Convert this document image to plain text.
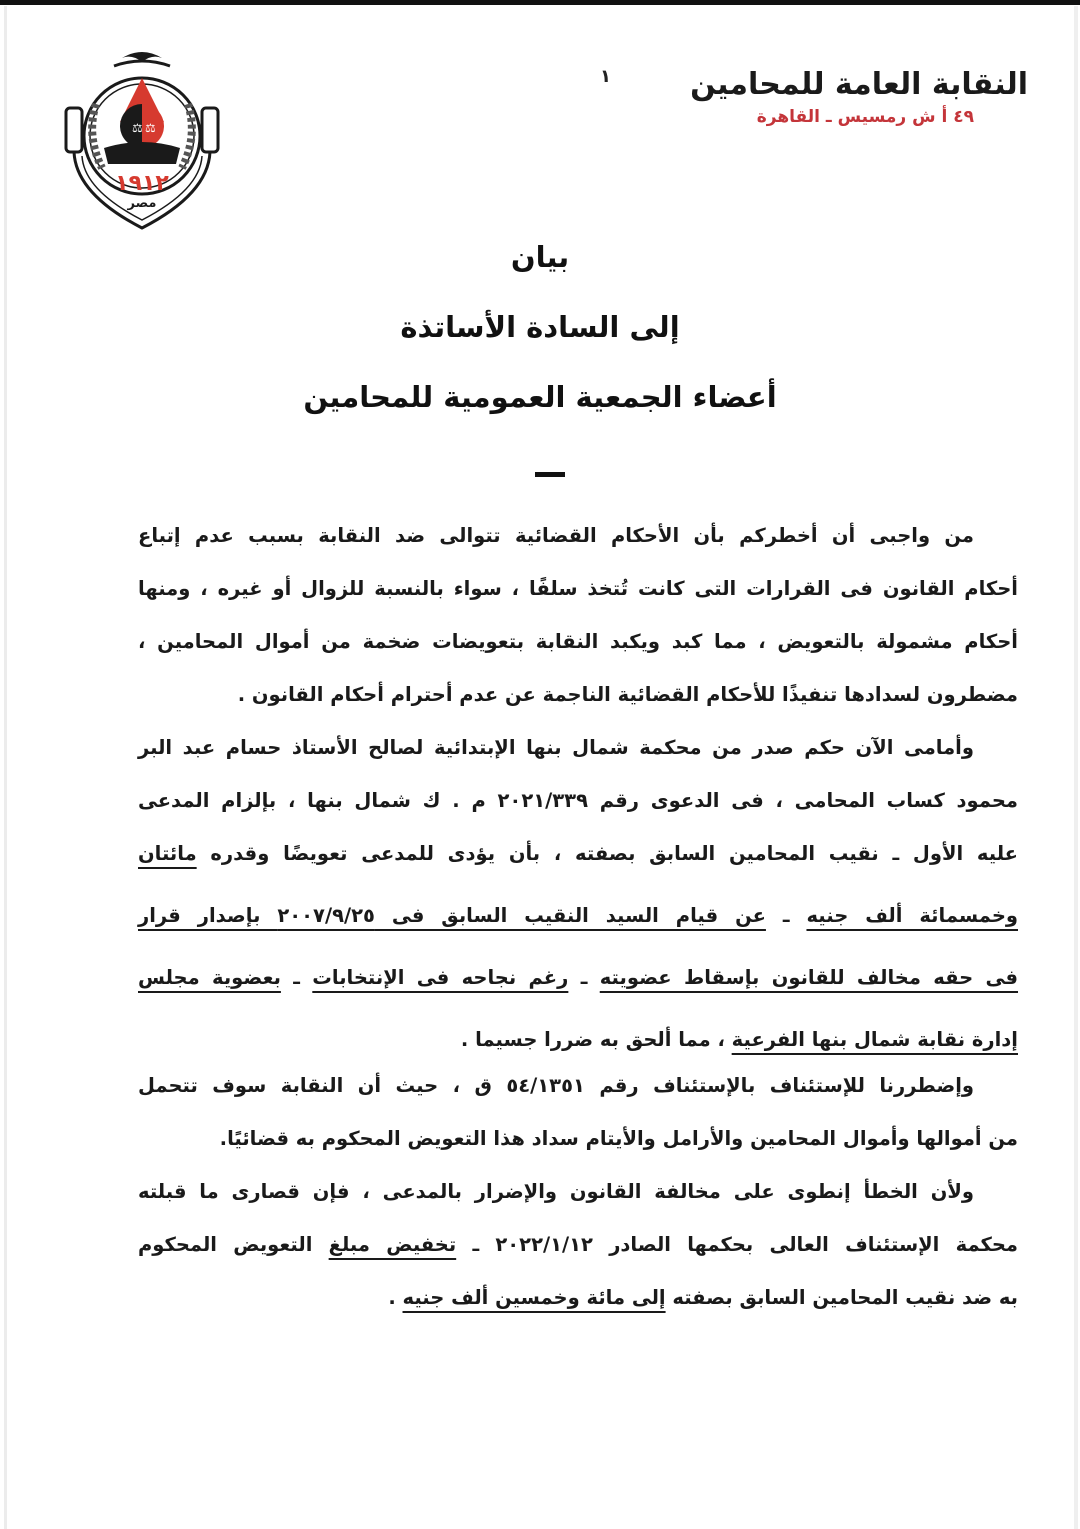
النقابة العامة للمحامين
٤٩ أ ش رمسيس ـ القاهرة
١
⚖ ⚖
١٩١٢
مصر
بيان
إلى السادة الأساتذة
أعضاء الجمعية العمومية للمحامين
من واجبى أن أخطركم بأن الأحكام القضائية تتوالى ضد النقابة بسبب عدم إتباع
أحكام القانون فى القرارات التى كانت تُتخذ سلفًا ، سواء بالنسبة للزوال أو غيره ، ومنها
أحكام مشمولة بالتعويض ، مما كبد ويكبد النقابة بتعويضات ضخمة من أموال المحامين ،
مضطرون لسدادها تنفيذًا للأحكام القضائية الناجمة عن عدم أحترام أحكام القانون .
وأمامى الآن حكم صدر من محكمة شمال بنها الإبتدائية لصالح الأستاذ حسام عبد البر
محمود كساب المحامى ، فى الدعوى رقم ٢٠٢١/٣٣٩ م . ك شمال بنها ، بإلزام المدعى
عليه الأول ـ نقيب المحامين السابق بصفته ، بأن يؤدى للمدعى تعويضًا وقدره مائتان
وخمسمائة ألف جنيه ـ عن قيام السيد النقيب السابق فى ٢٠٠٧/٩/٢٥ بإصدار قرار
فى حقه مخالف للقانون بإسقاط عضويته ـ رغم نجاحه فى الإنتخابات ـ بعضوية مجلس
إدارة نقابة شمال بنها الفرعية ، مما ألحق به ضررا جسيما .
وإضطررنا للإستئناف بالإستئناف رقم ٥٤/١٣٥١ ق ، حيث أن النقابة سوف تتحمل
من أموالها وأموال المحامين والأرامل والأيتام سداد هذا التعويض المحكوم به قضائيًا.
ولأن الخطأ إنطوى على مخالفة القانون والإضرار بالمدعى ، فإن قصارى ما قبلته
محكمة الإستئناف العالى بحكمها الصادر ٢٠٢٢/١/١٢ ـ تخفيض مبلغ التعويض المحكوم
به ضد نقيب المحامين السابق بصفته إلى مائة وخمسين ألف جنيه .
